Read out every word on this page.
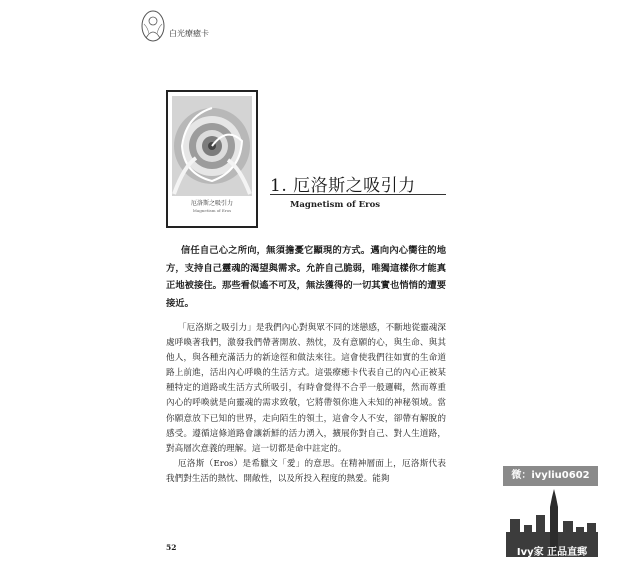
白光療癒卡
厄洛斯之吸引力
Magnetism of Eros
1. 厄洛斯之吸引力
Magnetism of Eros
信任自己心之所向，無須擔憂它顯現的方式。邁向內心嚮往的地方，支持自己靈魂的渴望與需求。允許自己脆弱，唯獨這樣你才能真正地被接住。那些看似遙不可及，無法獲得的一切其實也悄悄的遭要接近。

「厄洛斯之吸引力」是我們內心對與眾不同的迷戀感，不斷地從靈魂深處呼喚著我們，激發我們帶著開放、熱忱，及有意願的心，與生命、與其他人，與各種充滿活力的新途徑和做法來往。這會使我們往如實的生命道路上前進，活出內心呼喚的生活方式。這張療癒卡代表自己的內心正被某種特定的道路或生活方式所吸引，有時會覺得不合乎一般邏輯，然而尊重內心的呼喚就是向靈魂的需求致敬，它將帶領你進入未知的神秘領域。當你願意放下已知的世界，走向陌生的領土，這會令人不安，卻帶有解脫的感受。遵循這條道路會讓新鮮的活力湧入，擴展你對自己、對人生道路，對高層次意義的理解。這一切都是命中註定的。

厄洛斯（Eros）是希臘文「愛」的意思。在精神層面上，厄洛斯代表我們對生活的熱忱、開敞性，以及所投入程度的熱愛。能夠

52
微：ivyliu0602
Ivy家 正品直郵
